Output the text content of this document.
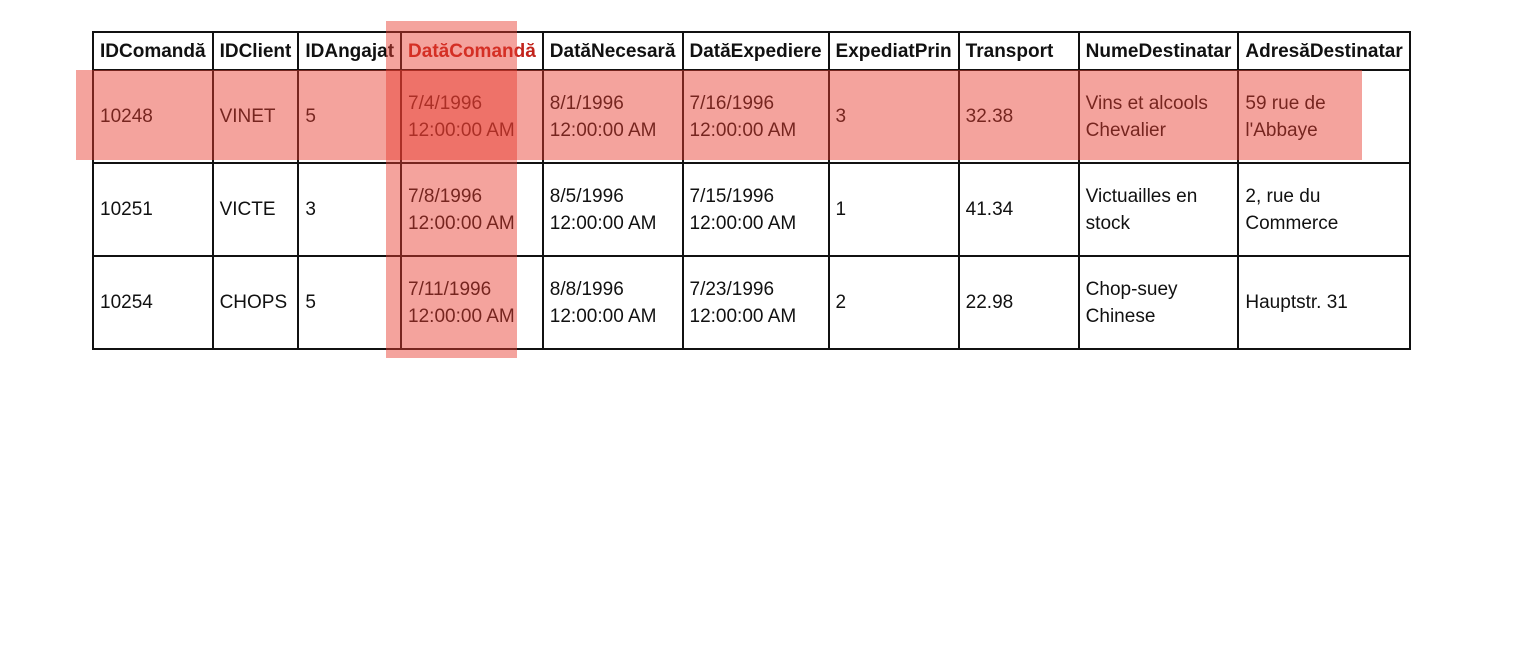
IDComandă	IDClient	IDAngajat	DatăComandă	DatăNecesară	DatăExpediere	ExpediatPrin	Transport	NumeDestinatar	AdresăDestinatar
10248	VINET	5	7/4/1996 12:00:00 AM	8/1/1996 12:00:00 AM	7/16/1996 12:00:00 AM	3	32.38	Vins et alcools Chevalier	59 rue de l'Abbaye
10251	VICTE	3	7/8/1996 12:00:00 AM	8/5/1996 12:00:00 AM	7/15/1996 12:00:00 AM	1	41.34	Victuailles en stock	2, rue du Commerce
10254	CHOPS	5	7/11/1996 12:00:00 AM	8/8/1996 12:00:00 AM	7/23/1996 12:00:00 AM	2	22.98	Chop-suey Chinese	Hauptstr. 31
